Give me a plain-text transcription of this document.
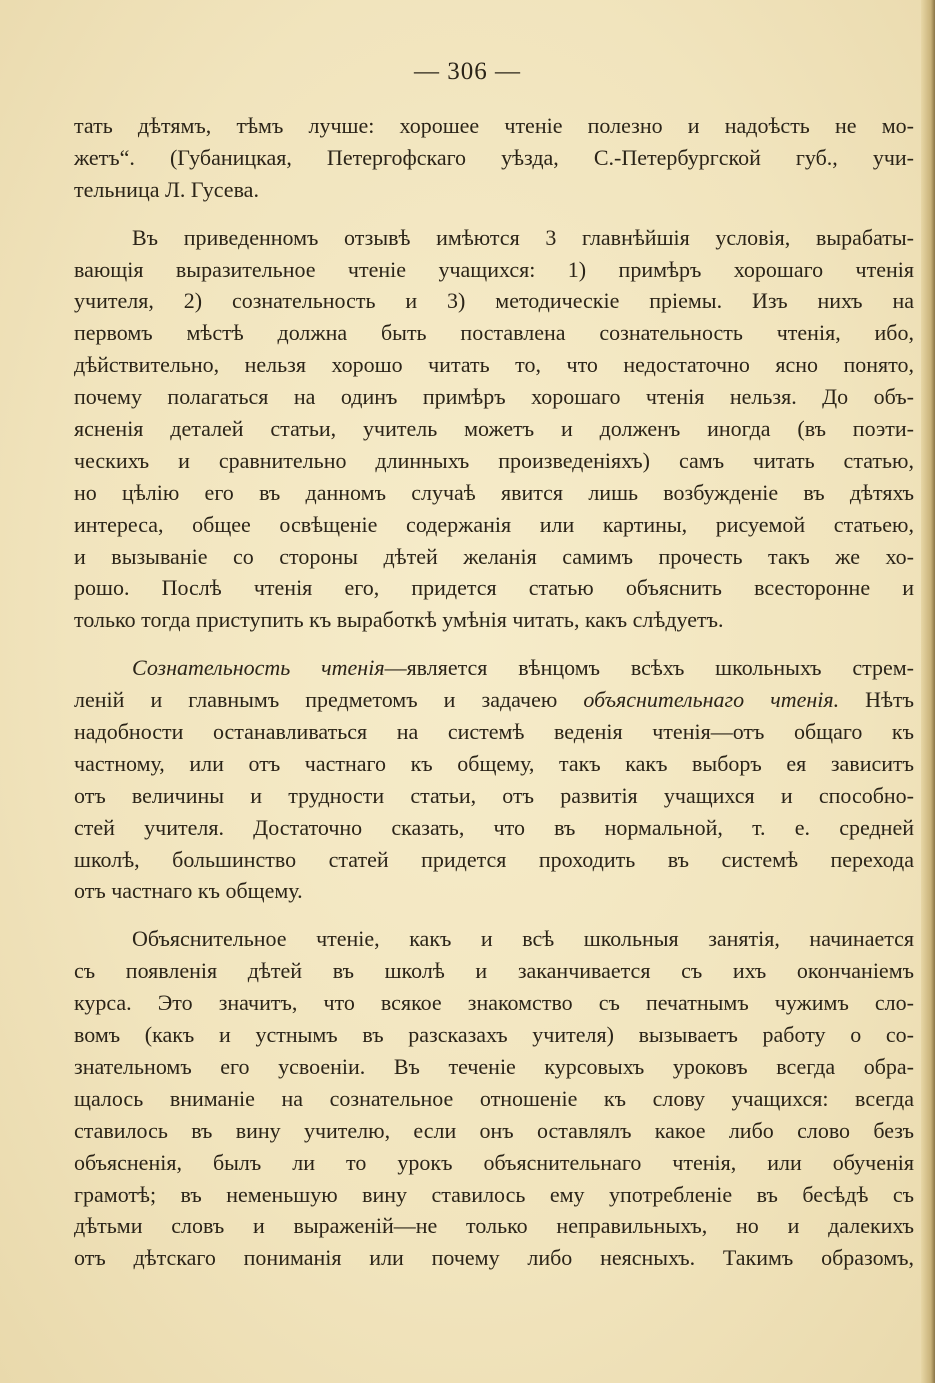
— 306 —
тать дѣтямъ, тѣмъ лучше: хорошее чтенiе полезно и надоѣсть не мо-
жетъ“. (Губаницкая, Петергофскаго уѣзда, С.-Петербургской губ., учи-
тельница Л. Гусева.
Въ приведенномъ отзывѣ имѣются 3 главнѣйшiя условiя, вырабаты-
вающiя выразительное чтенiе учащихся: 1) примѣръ хорошаго чтенiя
учителя, 2) сознательность и 3) методическiе прiемы. Изъ нихъ на
первомъ мѣстѣ должна быть поставлена сознательность чтенiя, ибо,
дѣйствительно, нельзя хорошо читать то, что недостаточно ясно понято,
почему полагаться на одинъ примѣръ хорошаго чтенiя нельзя. До объ-
ясненiя деталей статьи, учитель можетъ и долженъ иногда (въ поэти-
ческихъ и сравнительно длинныхъ произведенiяхъ) самъ читать статью,
но цѣлiю его въ данномъ случаѣ явится лишь возбужденiе въ дѣтяхъ
интереса, общее освѣщенiе содержанiя или картины, рисуемой статьею,
и вызыванiе со стороны дѣтей желанiя самимъ прочесть такъ же хо-
рошо. Послѣ чтенiя его, придется статью объяснить всесторонне и
только тогда приступить къ выработкѣ умѣнiя читать, какъ слѣдуетъ.
Сознательность чтенiя—является вѣнцомъ всѣхъ школьныхъ стрем-
ленiй и главнымъ предметомъ и задачею объяснительнаго чтенiя. Нѣтъ
надобности останавливаться на системѣ веденiя чтенiя—отъ общаго къ
частному, или отъ частнаго къ общему, такъ какъ выборъ ея зависитъ
отъ величины и трудности статьи, отъ развитiя учащихся и способно-
стей учителя. Достаточно сказать, что въ нормальной, т. е. средней
школѣ, большинство статей придется проходить въ системѣ перехода
отъ частнаго къ общему.
Объяснительное чтенiе, какъ и всѣ школьныя занятiя, начинается
съ появленiя дѣтей въ школѣ и заканчивается съ ихъ окончанiемъ
курса. Это значитъ, что всякое знакомство съ печатнымъ чужимъ сло-
вомъ (какъ и устнымъ въ разсказахъ учителя) вызываетъ работу о со-
знательномъ его усвоенiи. Въ теченiе курсовыхъ уроковъ всегда обра-
щалось вниманiе на сознательное отношенiе къ слову учащихся: всегда
ставилось въ вину учителю, если онъ оставлялъ какое либо слово безъ
объясненiя, былъ ли то урокъ объяснительнаго чтенiя, или обученiя
грамотѣ; въ неменьшую вину ставилось ему употребленiе въ бесѣдѣ съ
дѣтьми словъ и выраженiй—не только неправильныхъ, но и далекихъ
отъ дѣтскаго пониманiя или почему либо неясныхъ. Такимъ образомъ,
